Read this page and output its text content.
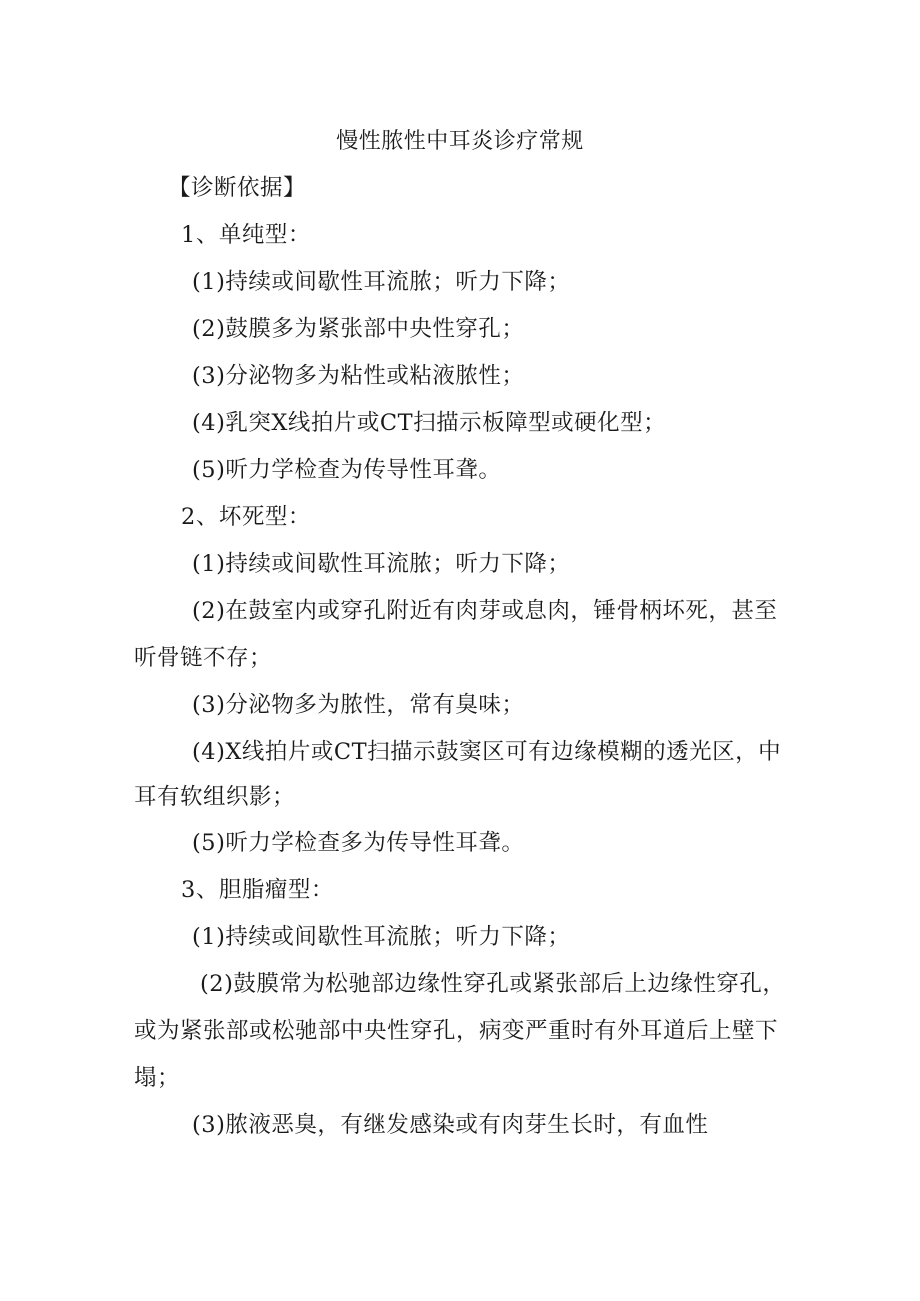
慢性脓性中耳炎诊疗常规
【诊断依据】
1、单纯型：
(1)持续或间歇性耳流脓；听力下降；
(2)鼓膜多为紧张部中央性穿孔；
(3)分泌物多为粘性或粘液脓性；
(4)乳突X线拍片或CT扫描示板障型或硬化型；
(5)听力学检查为传导性耳聋。
2、坏死型：
(1)持续或间歇性耳流脓；听力下降；
(2)在鼓室内或穿孔附近有肉芽或息肉，锤骨柄坏死，甚至
听骨链不存；
(3)分泌物多为脓性，常有臭味；
(4)X线拍片或CT扫描示鼓窦区可有边缘模糊的透光区，中
耳有软组织影；
(5)听力学检查多为传导性耳聋。
3、胆脂瘤型：
(1)持续或间歇性耳流脓；听力下降；
(2)鼓膜常为松驰部边缘性穿孔或紧张部后上边缘性穿孔，
或为紧张部或松驰部中央性穿孔，病变严重时有外耳道后上壁下
塌；
(3)脓液恶臭，有继发感染或有肉芽生长时，有血性
